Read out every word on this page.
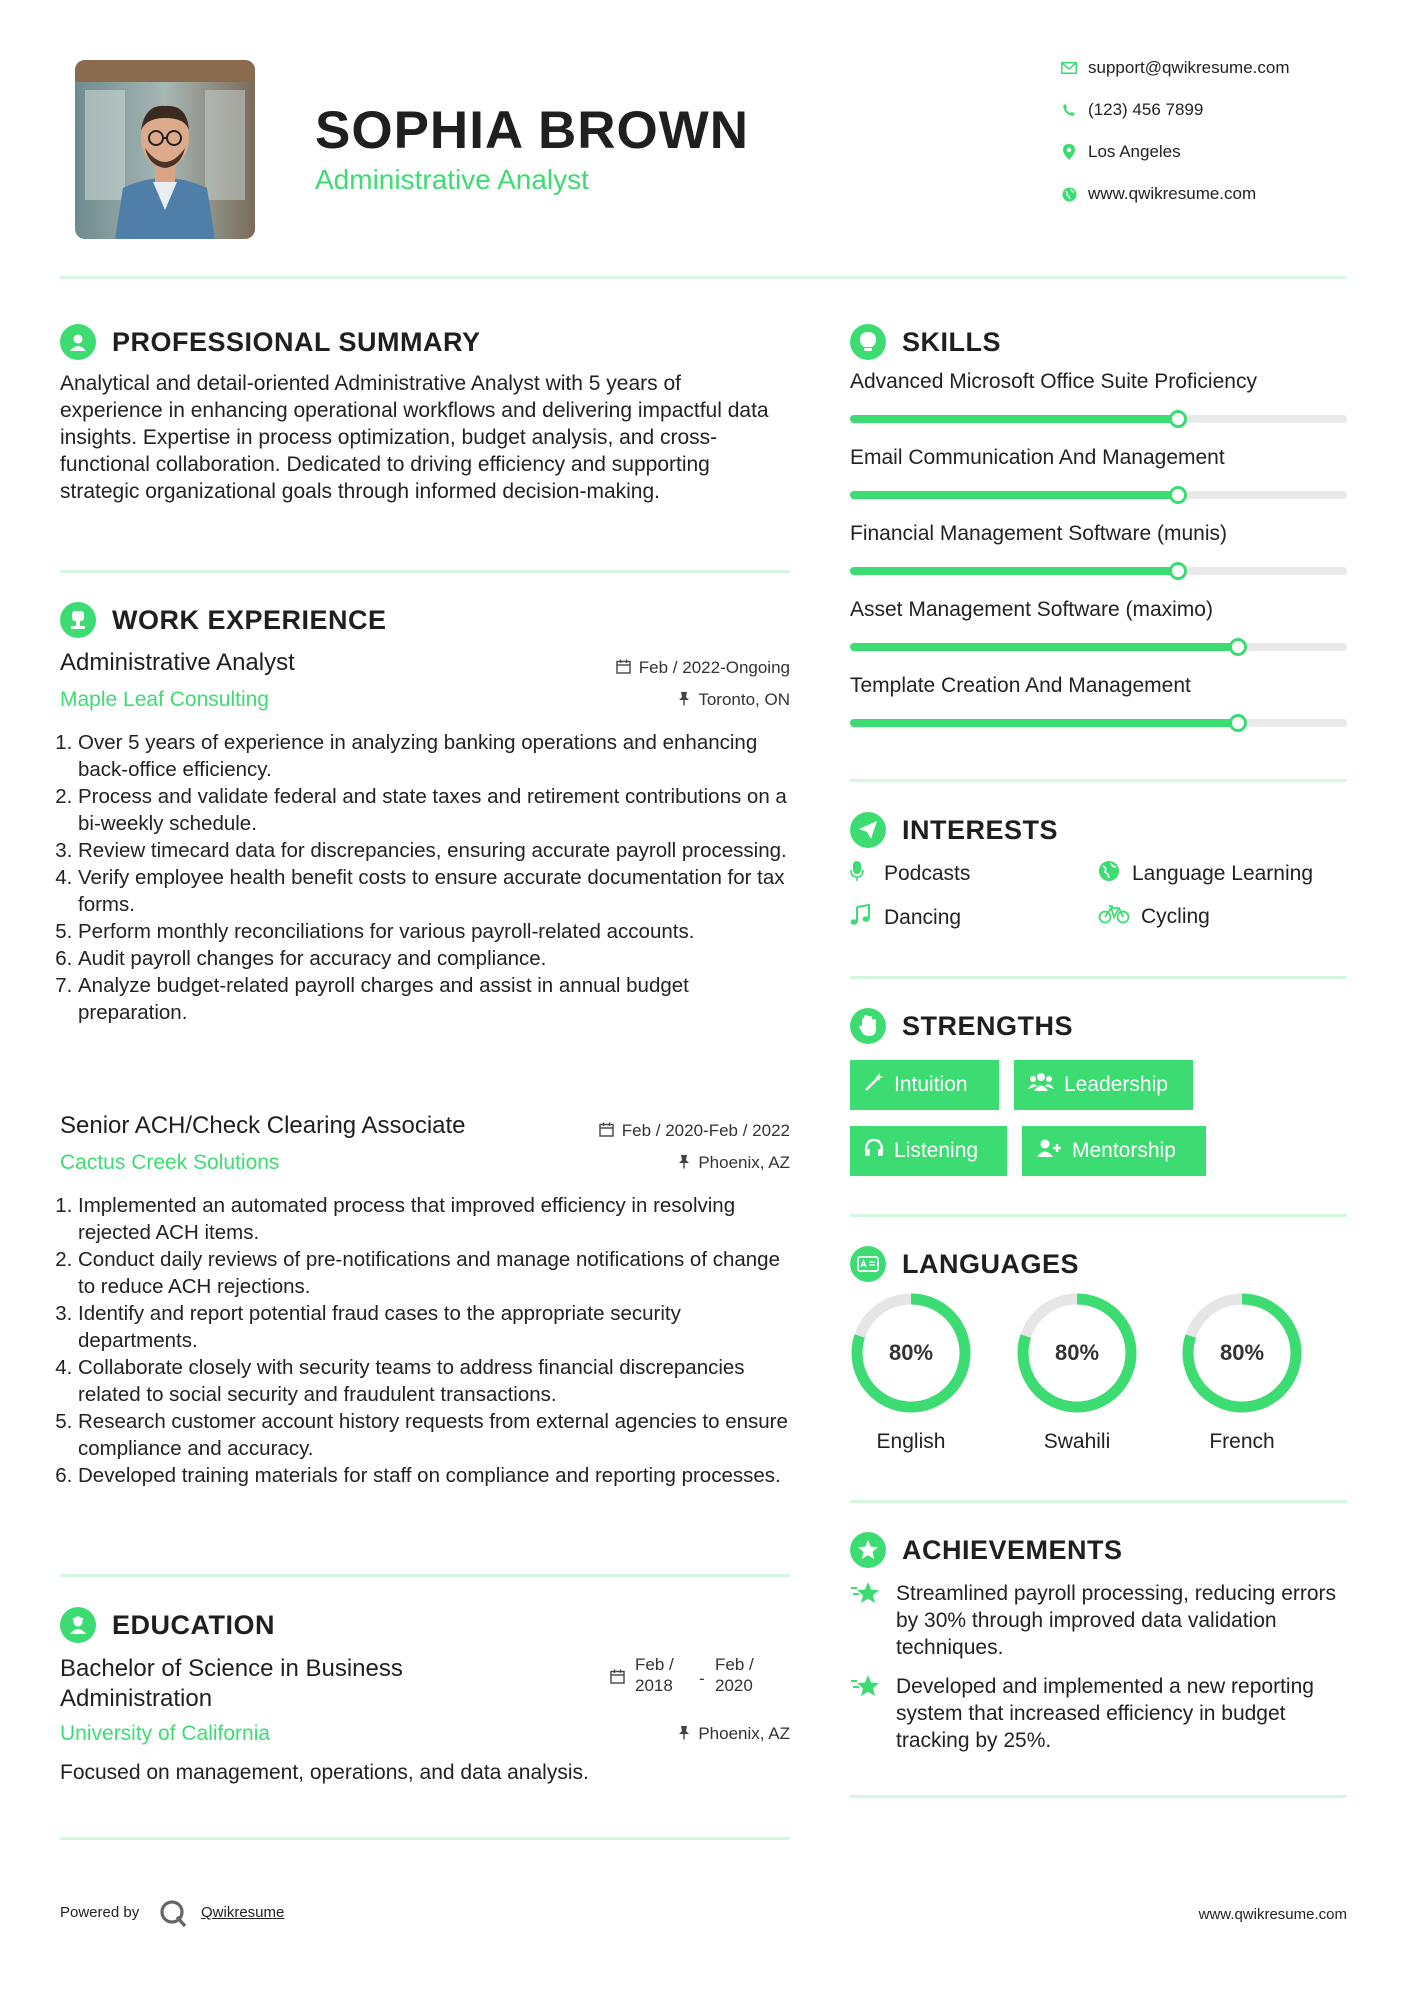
SOPHIA BROWN
Administrative Analyst
support@qwikresume.com
(123) 456 7899
Los Angeles
www.qwikresume.com
PROFESSIONAL SUMMARY
Analytical and detail-oriented Administrative Analyst with 5 years of experience in enhancing operational workflows and delivering impactful data insights. Expertise in process optimization, budget analysis, and cross-functional collaboration. Dedicated to driving efficiency and supporting strategic organizational goals through informed decision-making.
WORK EXPERIENCE
Administrative Analyst
Maple Leaf Consulting
Feb / 2022-Ongoing
Toronto, ON
1. Over 5 years of experience in analyzing banking operations and enhancing back-office efficiency.
2. Process and validate federal and state taxes and retirement contributions on a bi-weekly schedule.
3. Review timecard data for discrepancies, ensuring accurate payroll processing.
4. Verify employee health benefit costs to ensure accurate documentation for tax forms.
5. Perform monthly reconciliations for various payroll-related accounts.
6. Audit payroll changes for accuracy and compliance.
7. Analyze budget-related payroll charges and assist in annual budget preparation.
Senior ACH/Check Clearing Associate
Cactus Creek Solutions
Feb / 2020-Feb / 2022
Phoenix, AZ
1. Implemented an automated process that improved efficiency in resolving rejected ACH items.
2. Conduct daily reviews of pre-notifications and manage notifications of change to reduce ACH rejections.
3. Identify and report potential fraud cases to the appropriate security departments.
4. Collaborate closely with security teams to address financial discrepancies related to social security and fraudulent transactions.
5. Research customer account history requests from external agencies to ensure compliance and accuracy.
6. Developed training materials for staff on compliance and reporting processes.
EDUCATION
Bachelor of Science in Business
Administration
Feb /
2018 -
Feb /
2020
University of California	Phoenix, AZ
Focused on management, operations, and data analysis.
SKILLS
Advanced Microsoft Office Suite Proficiency
Email Communication And Management
Financial Management Software (munis)
Asset Management Software (maximo)
Template Creation And Management
INTERESTS
Podcasts	Language Learning
Dancing	Cycling
STRENGTHS
Intuition	Leadership
Listening	Mentorship
LANGUAGES
80%
English
80%
Swahili
80%
French
ACHIEVEMENTS
Streamlined payroll processing, reducing errors by 30% through improved data validation techniques.
Developed and implemented a new reporting system that increased efficiency in budget tracking by 25%.
Powered by	Qwikresume	www.qwikresume.com
